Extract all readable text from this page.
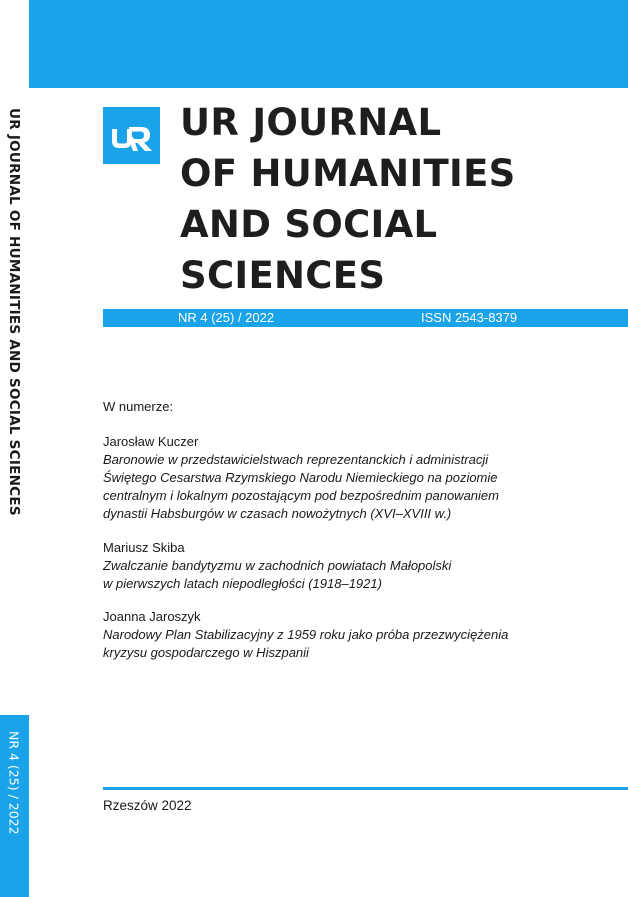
UR JOURNAL OF HUMANITIES AND SOCIAL SCIENCES
NR 4 (25) / 2022
UR JOURNAL
OF HUMANITIES
AND SOCIAL
SCIENCES
NR 4 (25) / 2022	ISSN 2543-8379
W numerze:
Jarosław Kuczer
Baronowie w przedstawicielstwach reprezentanckich i administracji
Świętego Cesarstwa Rzymskiego Narodu Niemieckiego na poziomie
centralnym i lokalnym pozostającym pod bezpośrednim panowaniem
dynastii Habsburgów w czasach nowożytnych (XVI–XVIII w.)
Mariusz Skiba
Zwalczanie bandytyzmu w zachodnich powiatach Małopolski
w pierwszych latach niepodległości (1918–1921)
Joanna Jaroszyk
Narodowy Plan Stabilizacyjny z 1959 roku jako próba przezwyciężenia
kryzysu gospodarczego w Hiszpanii
Rzeszów 2022
